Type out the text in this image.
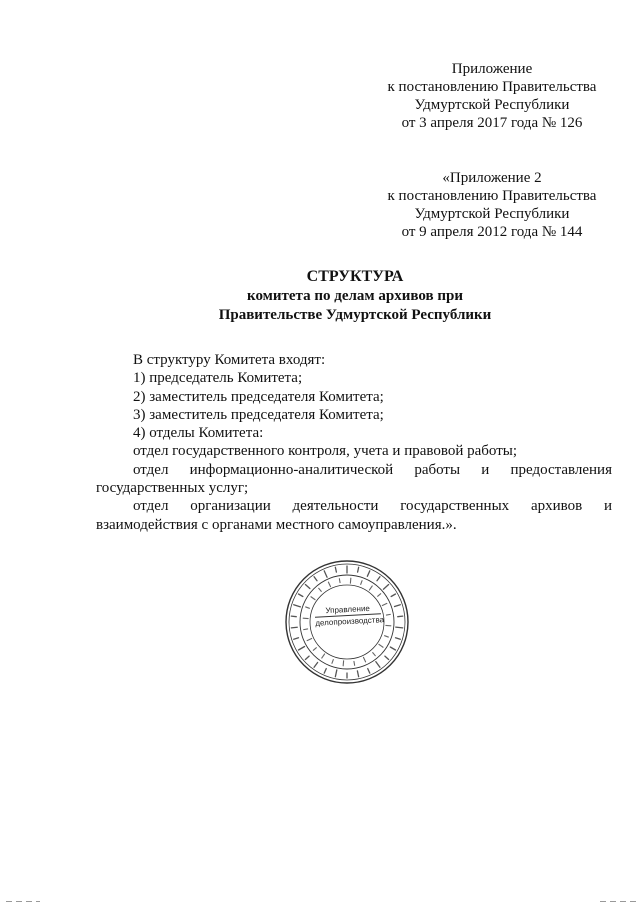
Приложение
к постановлению Правительства
Удмуртской Республики
от 3 апреля 2017 года № 126
«Приложение 2
к постановлению Правительства
Удмуртской Республики
от 9 апреля 2012 года № 144
СТРУКТУРА
комитета по делам архивов при
Правительстве Удмуртской Республики
В структуру Комитета входят:
1) председатель Комитета;
2) заместитель председателя Комитета;
3) заместитель председателя Комитета;
4) отделы Комитета:
отдел государственного контроля, учета и правовой работы;
отдел информационно-аналитической работы и предоставления
государственных услуг;
отдел организации деятельности государственных архивов и
взаимодействия с органами местного самоуправления.».
Управление
делопроизводства
